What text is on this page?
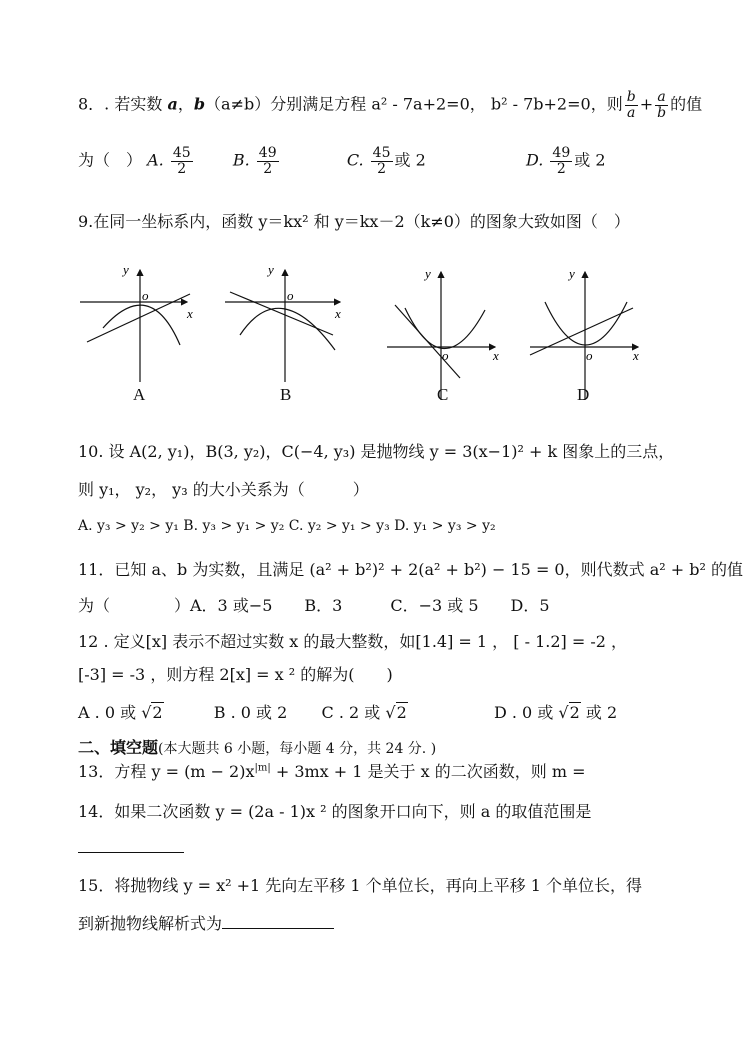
8．. 若实数 a，b（a≠b）分别满足方程 a² - 7a+2=0， b² - 7b+2=0，则 $\frac{b}{a} + \frac{a}{b}$ 的值
为（　） A. $\frac{45}{2}$	B. $\frac{49}{2}$	C. $\frac{45}{2}$ 或 2	D. $\frac{49}{2}$ 或 2
9.在同一坐标系内，函数 y＝kx² 和 y＝kx－2（k≠0）的图象大致如图（　）
y
x
o
y
x
o
y
x
o
y
x
o
A	B	C	D
10. 设 A(2, y₁)，B(3, y₂)，C(−4, y₃) 是抛物线 y = 3(x−1)² + k 图象上的三点，
则 y₁， y₂， y₃ 的大小关系为（　　　）
A. y₃ > y₂ > y₁ B. y₃ > y₁ > y₂ C. y₂ > y₁ > y₃ D. y₁ > y₃ > y₂
11．已知 a、b 为实数，且满足 (a² + b²)² + 2(a² + b²) − 15 = 0，则代数式 a² + b² 的值
为（　　　　）A．3 或−5　　B．3　　　C．−3 或 5　　D．5
12 . 定义[x] 表示不超过实数 x 的最大整数，如[1.4] = 1 ， [ - 1.2] = -2 ，
[-3] = -3 ，则方程 2[x] = x ² 的解为(　　)
A . 0 或 √2	B . 0 或 2 C . 2 或 √2	D . 0 或 √2 或 2
二、填空题(本大题共 6 小题，每小题 4 分，共 24 分. )
13．方程 $y = (m - 2)x^{|m|} + 3mx + 1$ 是关于 x 的二次函数，则 m =
14．如果二次函数 y = (2a - 1)x ² 的图象开口向下，则 a 的取值范围是
15．将抛物线 y = x² +1 先向左平移 1 个单位长，再向上平移 1 个单位长，得
到新抛物线解析式为
